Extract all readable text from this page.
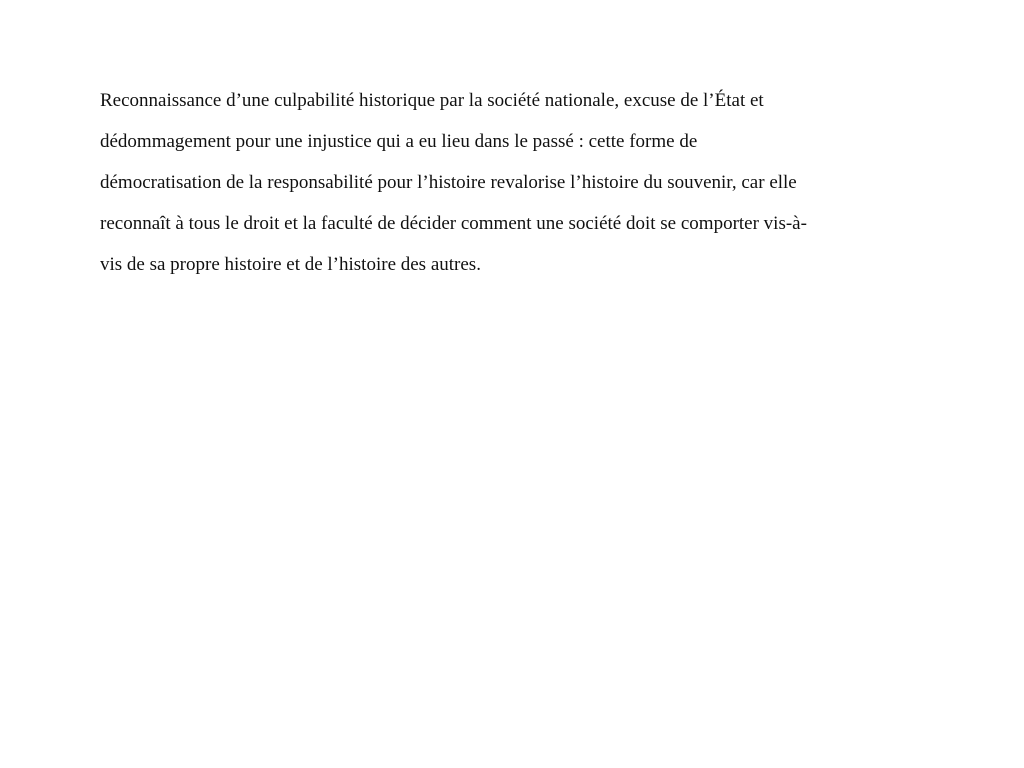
Reconnaissance d’une culpabilité historique par la société nationale, excuse de l’État et
dédommagement pour une injustice qui a eu lieu dans le passé : cette forme de
démocratisation de la responsabilité pour l’histoire revalorise l’histoire du souvenir, car elle
reconnaît à tous le droit et la faculté de décider comment une société doit se comporter vis-à-
vis de sa propre histoire et de l’histoire des autres.
